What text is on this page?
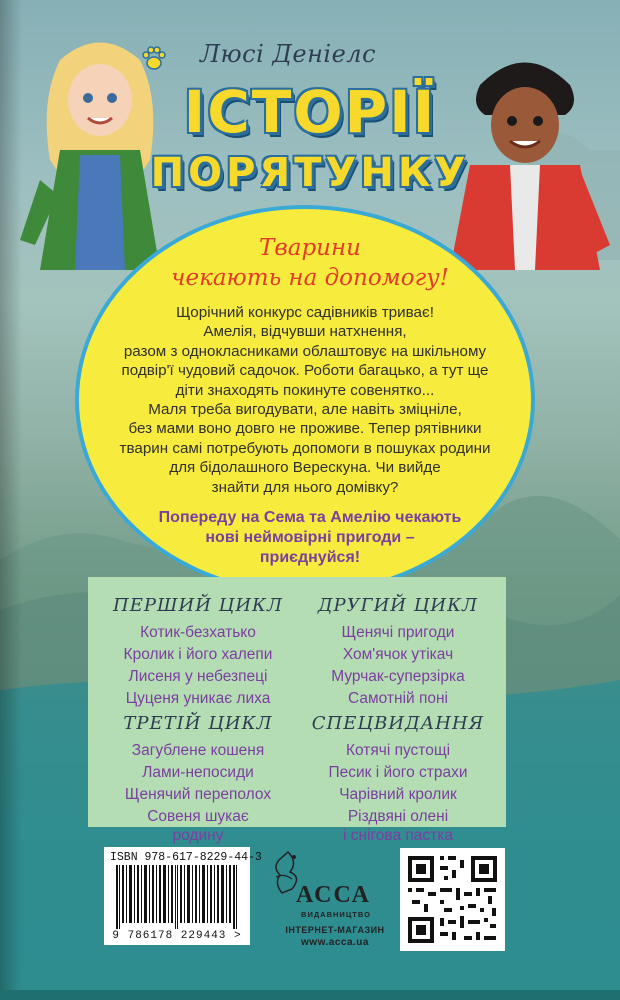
Люсі Деніелс
ІСТОРІЇ
ПОРЯТУНКУ
Тварини
чекають на допомогу!
Щорічний конкурс садівників триває!
Амелія, відчувши натхнення,
разом з однокласниками облаштовує на шкільному
подвір'ї чудовий садочок. Роботи багацько, а тут ще
діти знаходять покинуте совенятко...
Маля треба вигодувати, але навіть зміцніле,
без мами воно довго не проживе. Тепер рятівники
тварин самі потребують допомоги в пошуках родини
для бідолашного Верескуна. Чи вийде
знайти для нього домівку?
Попереду на Сема та Амелію чекають
нові неймовірні пригоди –
приєднуйся!
ПЕРШИЙ ЦИКЛ
Котик-безхатько
Кролик і його халепи
Лисеня у небезпеці
Цуценя уникає лиха
ДРУГИЙ ЦИКЛ
Щенячі пригоди
Хом'ячок утікач
Мурчак-суперзірка
Самотній поні
ТРЕТІЙ ЦИКЛ
Загублене кошеня
Лами-непосиди
Щенячий переполох
Совеня шукає
родину
СПЕЦВИДАННЯ
Котячі пустощі
Песик і його страхи
Чарівний кролик
Різдвяні олені
і снігова пастка
ISBN 978-617-8229-44-3
9 786178 229443 >
АССА
ВИДАВНИЦТВО
ІНТЕРНЕТ-МАГАЗИН
www.acca.ua
